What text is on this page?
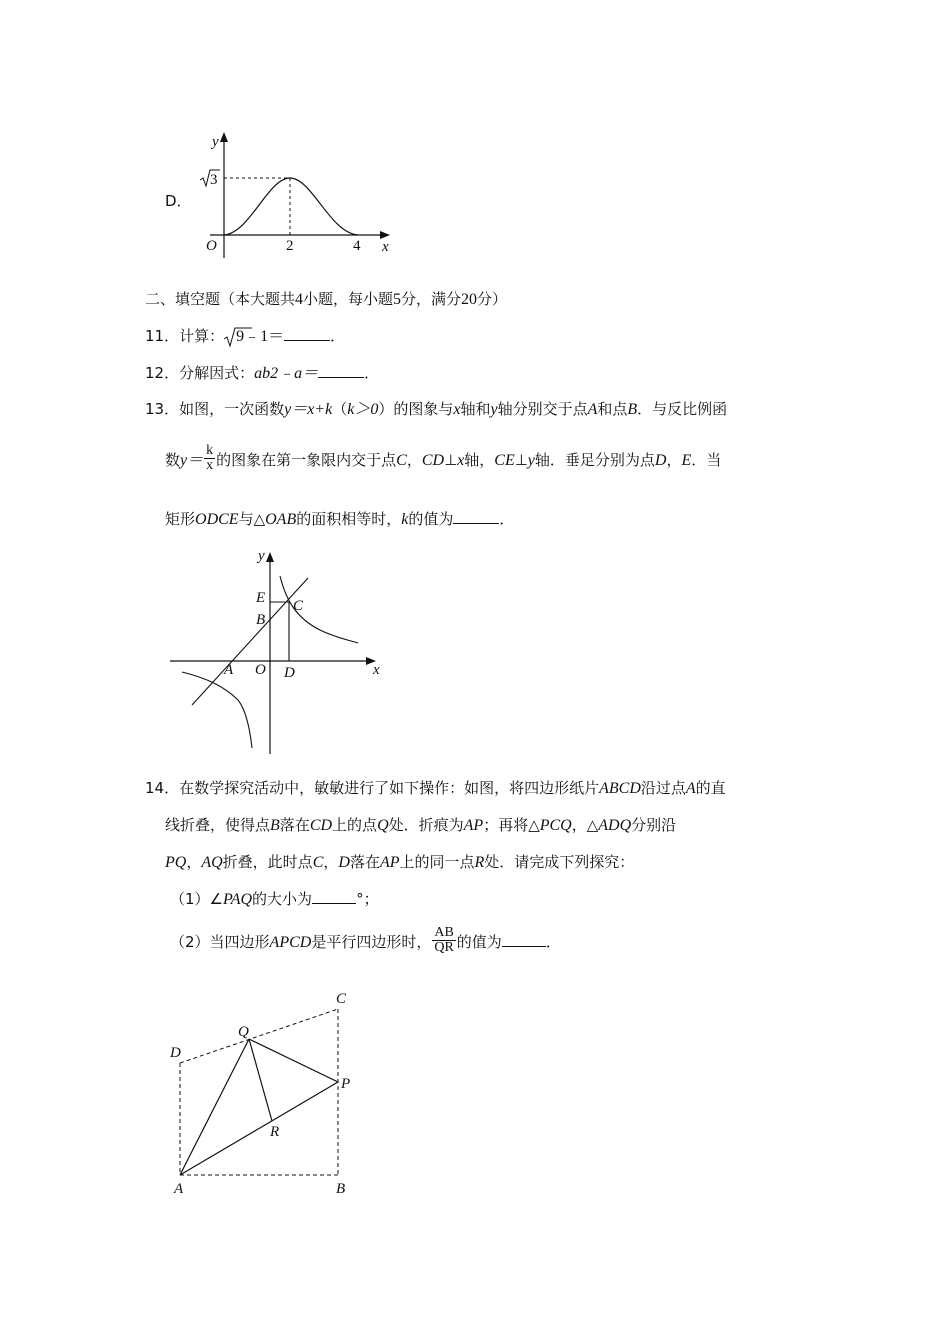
D．
y
x
O	2	4
3
二、填空题（本大题共4小题，每小题5分，满分20分）
11．计算： 9﹣1＝	．
12．分解因式：ab2﹣a＝	．
13．如图，一次函数y＝x+k（k＞0）的图象与x轴和y轴分别交于点A和点B．与反比例函
数$y= \frac{k}{x}$ 的图象在第一象限内交于点C，CD⊥x轴，CE⊥y轴．垂足分别为点D，E．当
矩形ODCE与△OAB的面积相等时，k的值为	．
y
x
E
B
C
A O D
14．在数学探究活动中，敏敏进行了如下操作：如图，将四边形纸片ABCD沿过点A的直
线折叠，使得点B落在CD上的点Q处．折痕为AP；再将△PCQ，△ADQ分别沿
PQ，AQ折叠，此时点C，D落在AP上的同一点R处．请完成下列探究：
（1）∠PAQ的大小为	°；
（2）当四边形APCD是平行四边形时， $\frac{AB}{QR}$ 的值为	．
C
Q
D
P
R
A	B
